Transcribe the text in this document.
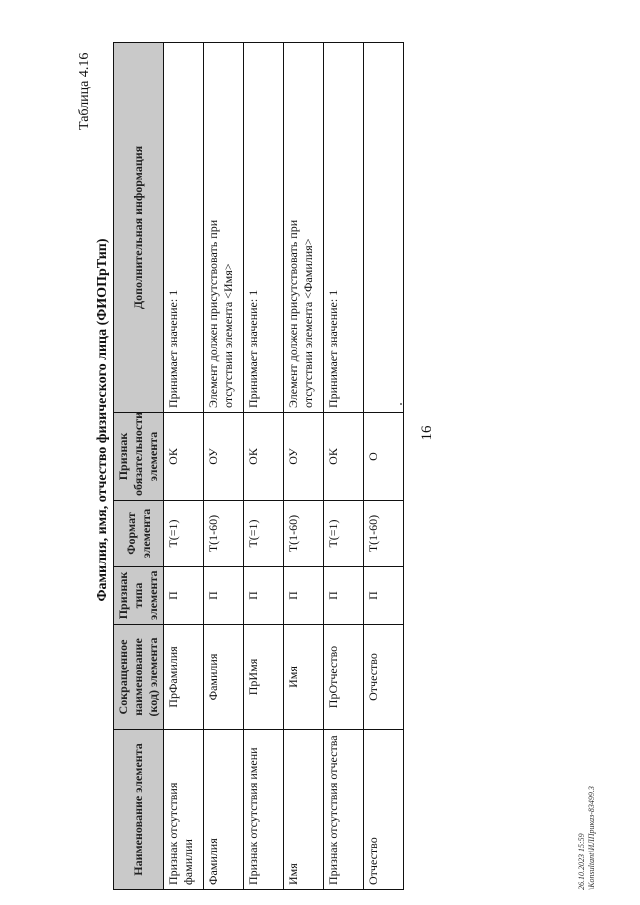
16
Таблица 4.16
Фамилия, имя, отчество физического лица (ФИОПрТип)
Наименование элемента	Сокращенное наименование (код) элемента	Признак типа элемента	Формат элемента	Признак обязательности элемента	Дополнительная информация
Признак отсутствия фамилии	ПрФамилия	П	T(=1)	ОК	Принимает значение: 1

Фамилия	Фамилия	П	T(1-60)	ОУ	Элемент должен присутствовать при отсутствии элемента <Имя>

Признак отсутствия имени	ПрИмя	П	T(=1)	ОК	Принимает значение: 1

Имя	Имя	П	T(1-60)	ОУ	Элемент должен присутствовать при отсутствии элемента <Фамилия>

Признак отсутствия отчества	ПрОтчество	П	T(=1)	ОК	Принимает значение: 1

Отчество	Отчество	П	T(1-60)	О	
26.10.2023 15:59 \Konsultant\ИЛПриказ-83499.3
